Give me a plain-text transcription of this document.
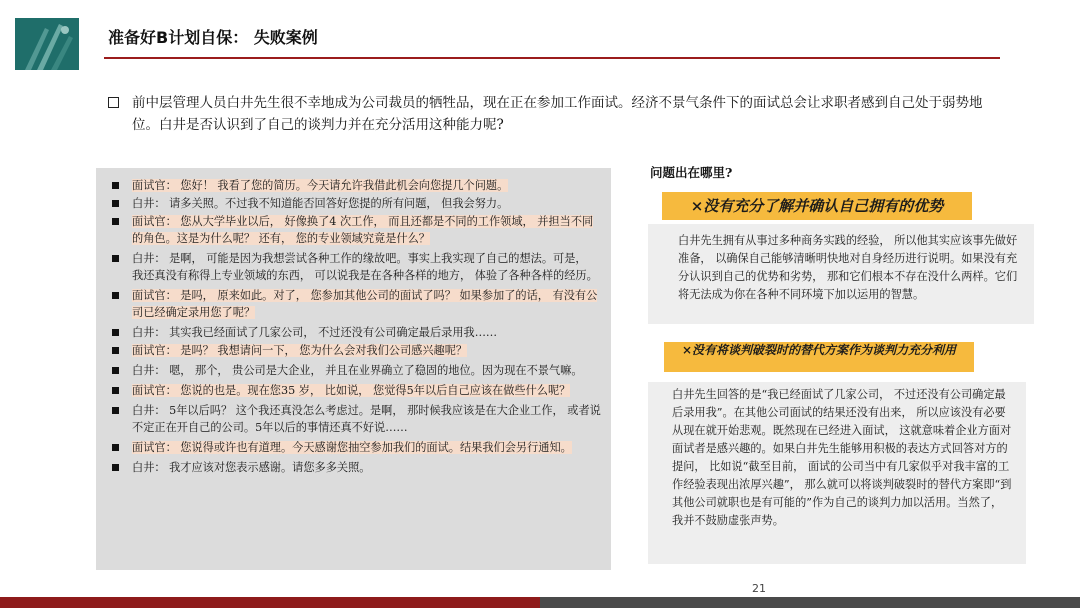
准备好B计划自保： 失败案例
前中层管理人员白井先生很不幸地成为公司裁员的牺牲品，现在正在参加工作面试。经济不景气条件下的面试总会让求职者感到自己处于弱势地位。白井是否认识到了自己的谈判力并在充分活用这种能力呢?
面试官： 您好！ 我看了您的简历。今天请允许我借此机会向您提几个问题。
白井： 请多关照。不过我不知道能否回答好您提的所有问题， 但我会努力。
面试官： 您从大学毕业以后， 好像换了4 次工作， 而且还都是不同的工作领域， 并担当不同的角色。这是为什么呢？ 还有， 您的专业领域究竟是什么？
白井： 是啊， 可能是因为我想尝试各种工作的缘故吧。事实上我实现了自己的想法。可是， 我还真没有称得上专业领域的东西， 可以说我是在各种各样的地方， 体验了各种各样的经历。
面试官： 是吗， 原来如此。对了， 您参加其他公司的面试了吗？ 如果参加了的话， 有没有公司已经确定录用您了呢？
白井： 其实我已经面试了几家公司， 不过还没有公司确定最后录用我……
面试官： 是吗？ 我想请问一下， 您为什么会对我们公司感兴趣呢？
白井： 嗯， 那个， 贵公司是大企业， 并且在业界确立了稳固的地位。因为现在不景气嘛。
面试官： 您说的也是。现在您35 岁， 比如说， 您觉得5年以后自己应该在做些什么呢？
白井： 5年以后吗？ 这个我还真没怎么考虑过。是啊， 那时候我应该是在大企业工作， 或者说不定正在开自己的公司。5年以后的事情还真不好说……
面试官： 您说得或许也有道理。今天感谢您抽空参加我们的面试。结果我们会另行通知。
白井： 我才应该对您表示感谢。请您多多关照。
问题出在哪里?
×没有充分了解并确认自己拥有的优势
白井先生拥有从事过多种商务实践的经验， 所以他其实应该事先做好准备， 以确保自己能够清晰明快地对自身经历进行说明。如果没有充分认识到自己的优势和劣势， 那和它们根本不存在没什么两样。它们将无法成为你在各种不同环境下加以运用的智慧。
×没有将谈判破裂时的替代方案作为谈判力充分利用
白井先生回答的是“我已经面试了几家公司， 不过还没有公司确定最后录用我”。在其他公司面试的结果还没有出来， 所以应该没有必要从现在就开始悲观。既然现在已经进入面试， 这就意味着企业方面对面试者是感兴趣的。如果白井先生能够用积极的表达方式回答对方的提问， 比如说“截至目前， 面试的公司当中有几家似乎对我丰富的工作经验表现出浓厚兴趣”， 那么就可以将谈判破裂时的替代方案即“到其他公司就职也是有可能的”作为自己的谈判力加以活用。当然了， 我并不鼓励虚张声势。
21
